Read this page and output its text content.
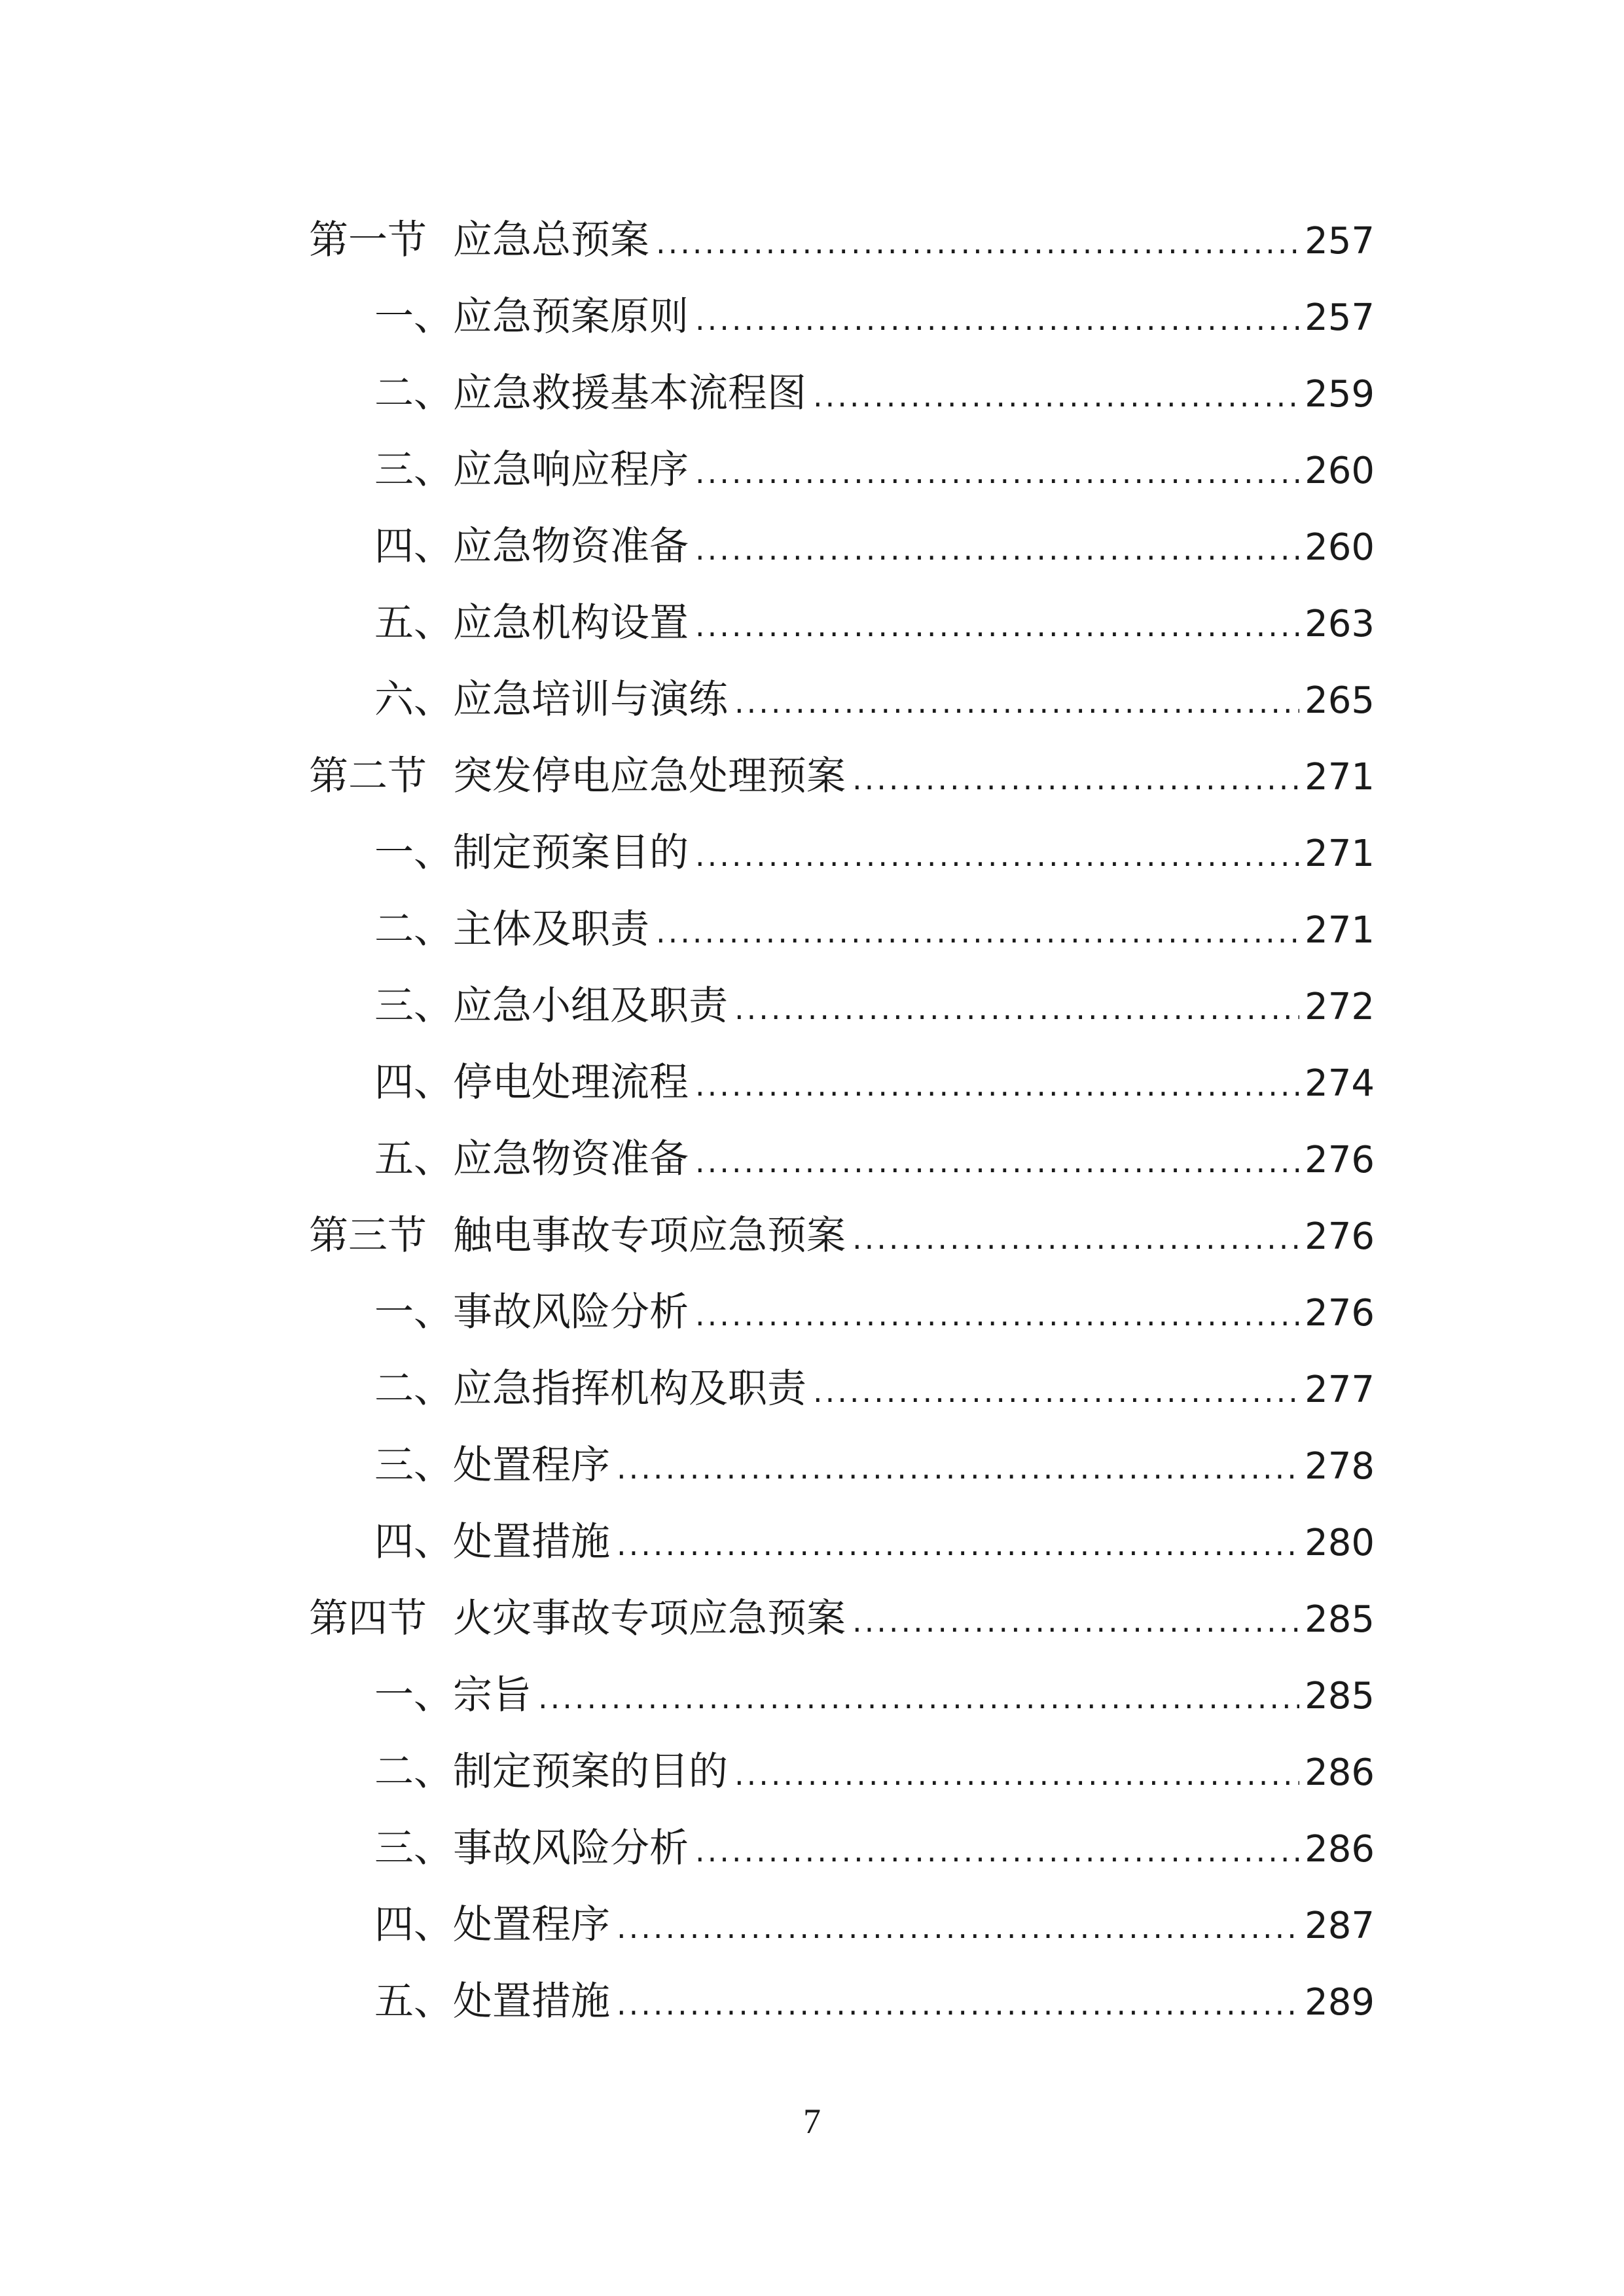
第一节 应急总预案 .....	257
一、应急预案原则 .....	257
二、应急救援基本流程图 .....	259
三、应急响应程序 .....	260
四、应急物资准备 .....	260
五、应急机构设置 .....	263
六、应急培训与演练 .....	265
第二节 突发停电应急处理预案 .....	271
一、制定预案目的 .....	271
二、主体及职责 .....	271
三、应急小组及职责 .....	272
四、停电处理流程 .....	274
五、应急物资准备 .....	276
第三节 触电事故专项应急预案 .....	276
一、事故风险分析 .....	276
二、应急指挥机构及职责 .....	277
三、处置程序 .....	278
四、处置措施 .....	280
第四节 火灾事故专项应急预案 .....	285
一、宗旨 .....	285
二、制定预案的目的 .....	286
三、事故风险分析 .....	286
四、处置程序 .....	287
五、处置措施 .....	289
7
